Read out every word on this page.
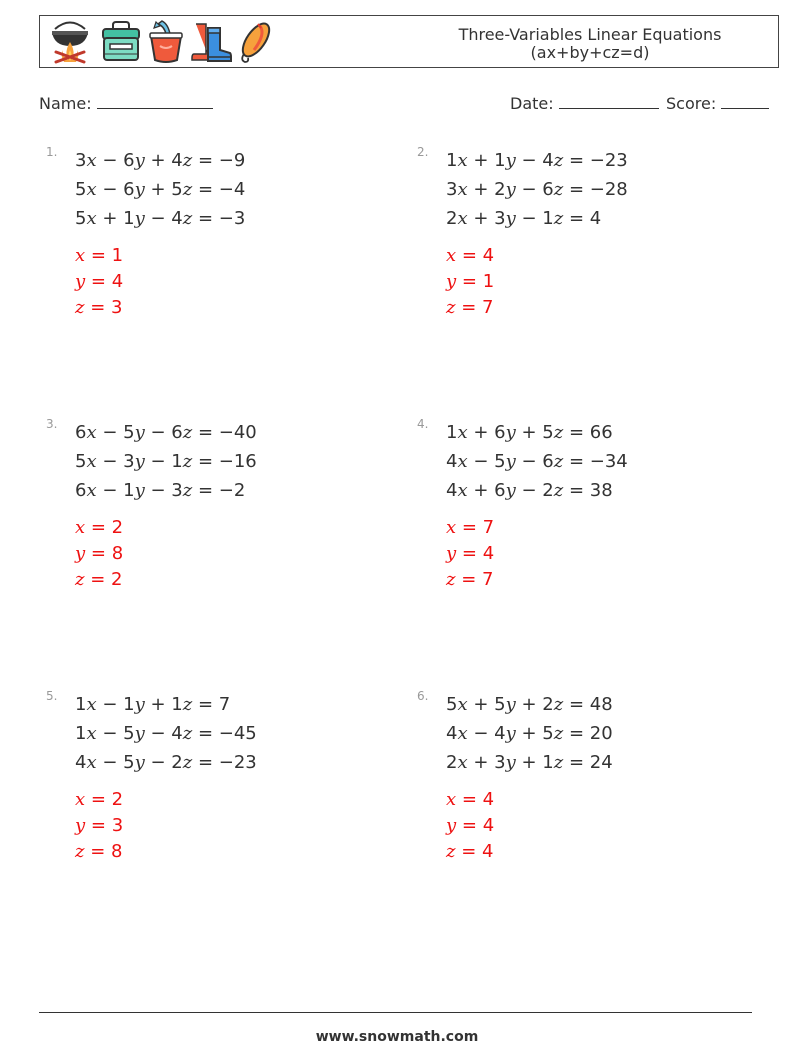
Three-Variables Linear Equations
(ax+by+cz=d)
Name:	Date:	Score:
1. 3x − 6y + 4z = −9
5x − 6y + 5z = −4
5x + 1y − 4z = −3
x = 1
y = 4
z = 3
2. 1x + 1y − 4z = −23
3x + 2y − 6z = −28
2x + 3y − 1z = 4
x = 4
y = 1
z = 7
3. 6x − 5y − 6z = −40
5x − 3y − 1z = −16
6x − 1y − 3z = −2
x = 2
y = 8
z = 2
4. 1x + 6y + 5z = 66
4x − 5y − 6z = −34
4x + 6y − 2z = 38
x = 7
y = 4
z = 7
5. 1x − 1y + 1z = 7
1x − 5y − 4z = −45
4x − 5y − 2z = −23
x = 2
y = 3
z = 8
6. 5x + 5y + 2z = 48
4x − 4y + 5z = 20
2x + 3y + 1z = 24
x = 4
y = 4
z = 4
www.snowmath.com
